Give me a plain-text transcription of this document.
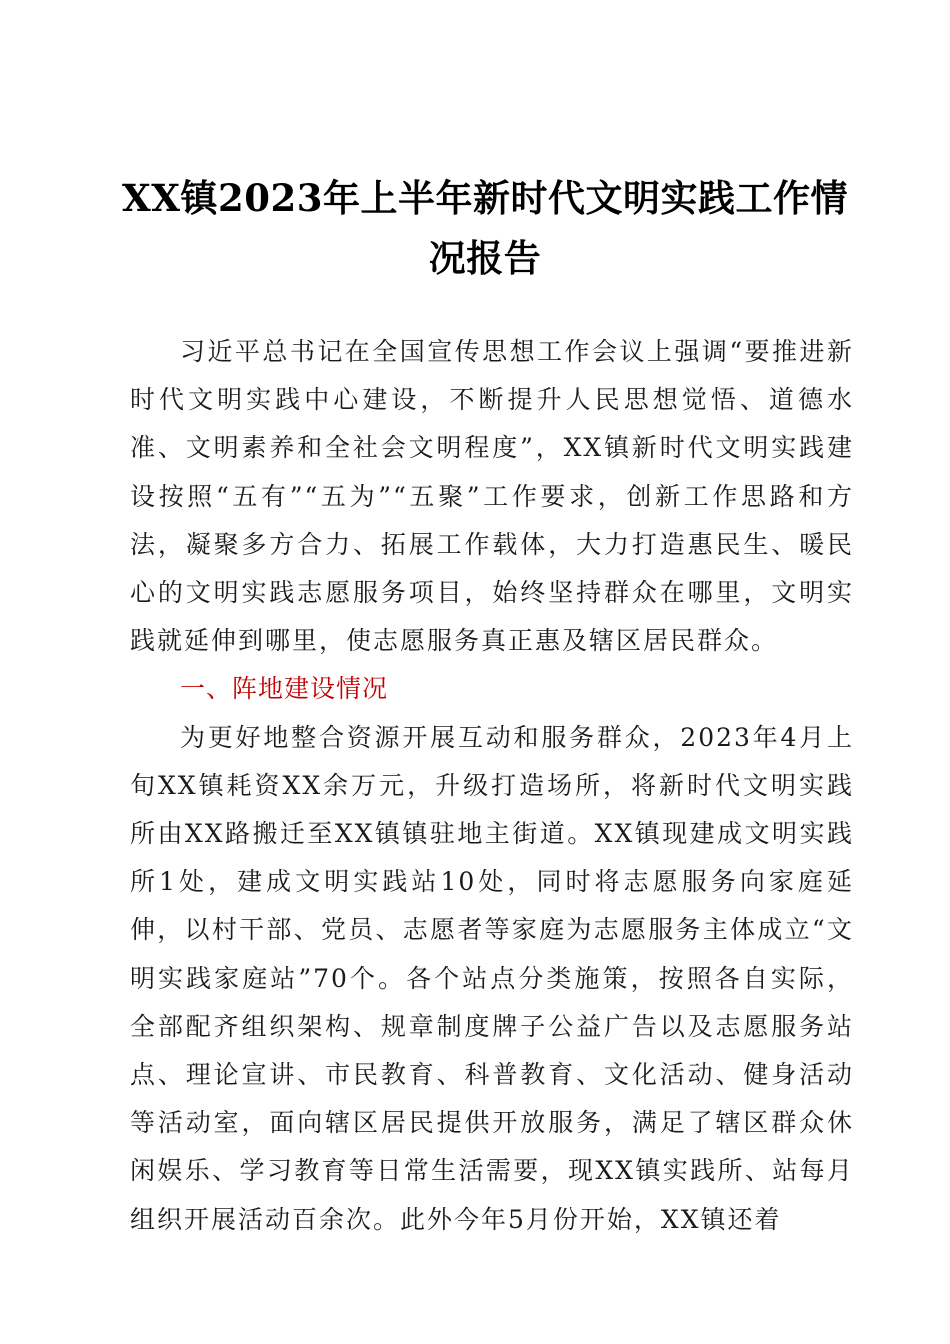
XX镇2023年上半年新时代文明实践工作情况报告

习近平总书记在全国宣传思想工作会议上强调“要推进新时代文明实践中心建设，不断提升人民思想觉悟、道德水准、文明素养和全社会文明程度”，XX镇新时代文明实践建设按照“五有”“五为”“五聚”工作要求，创新工作思路和方法，凝聚多方合力、拓展工作载体，大力打造惠民生、暖民心的文明实践志愿服务项目，始终坚持群众在哪里，文明实践就延伸到哪里，使志愿服务真正惠及辖区居民群众。

一、阵地建设情况

为更好地整合资源开展互动和服务群众，2023年4月上旬XX镇耗资XX余万元，升级打造场所，将新时代文明实践所由XX路搬迁至XX镇镇驻地主街道。XX镇现建成文明实践所1处，建成文明实践站10处，同时将志愿服务向家庭延伸，以村干部、党员、志愿者等家庭为志愿服务主体成立“文明实践家庭站”70个。各个站点分类施策，按照各自实际，全部配齐组织架构、规章制度牌子公益广告以及志愿服务站点、理论宣讲、市民教育、科普教育、文化活动、健身活动等活动室，面向辖区居民提供开放服务，满足了辖区群众休闲娱乐、学习教育等日常生活需要，现XX镇实践所、站每月组织开展活动百余次。此外今年5月份开始，XX镇还着
